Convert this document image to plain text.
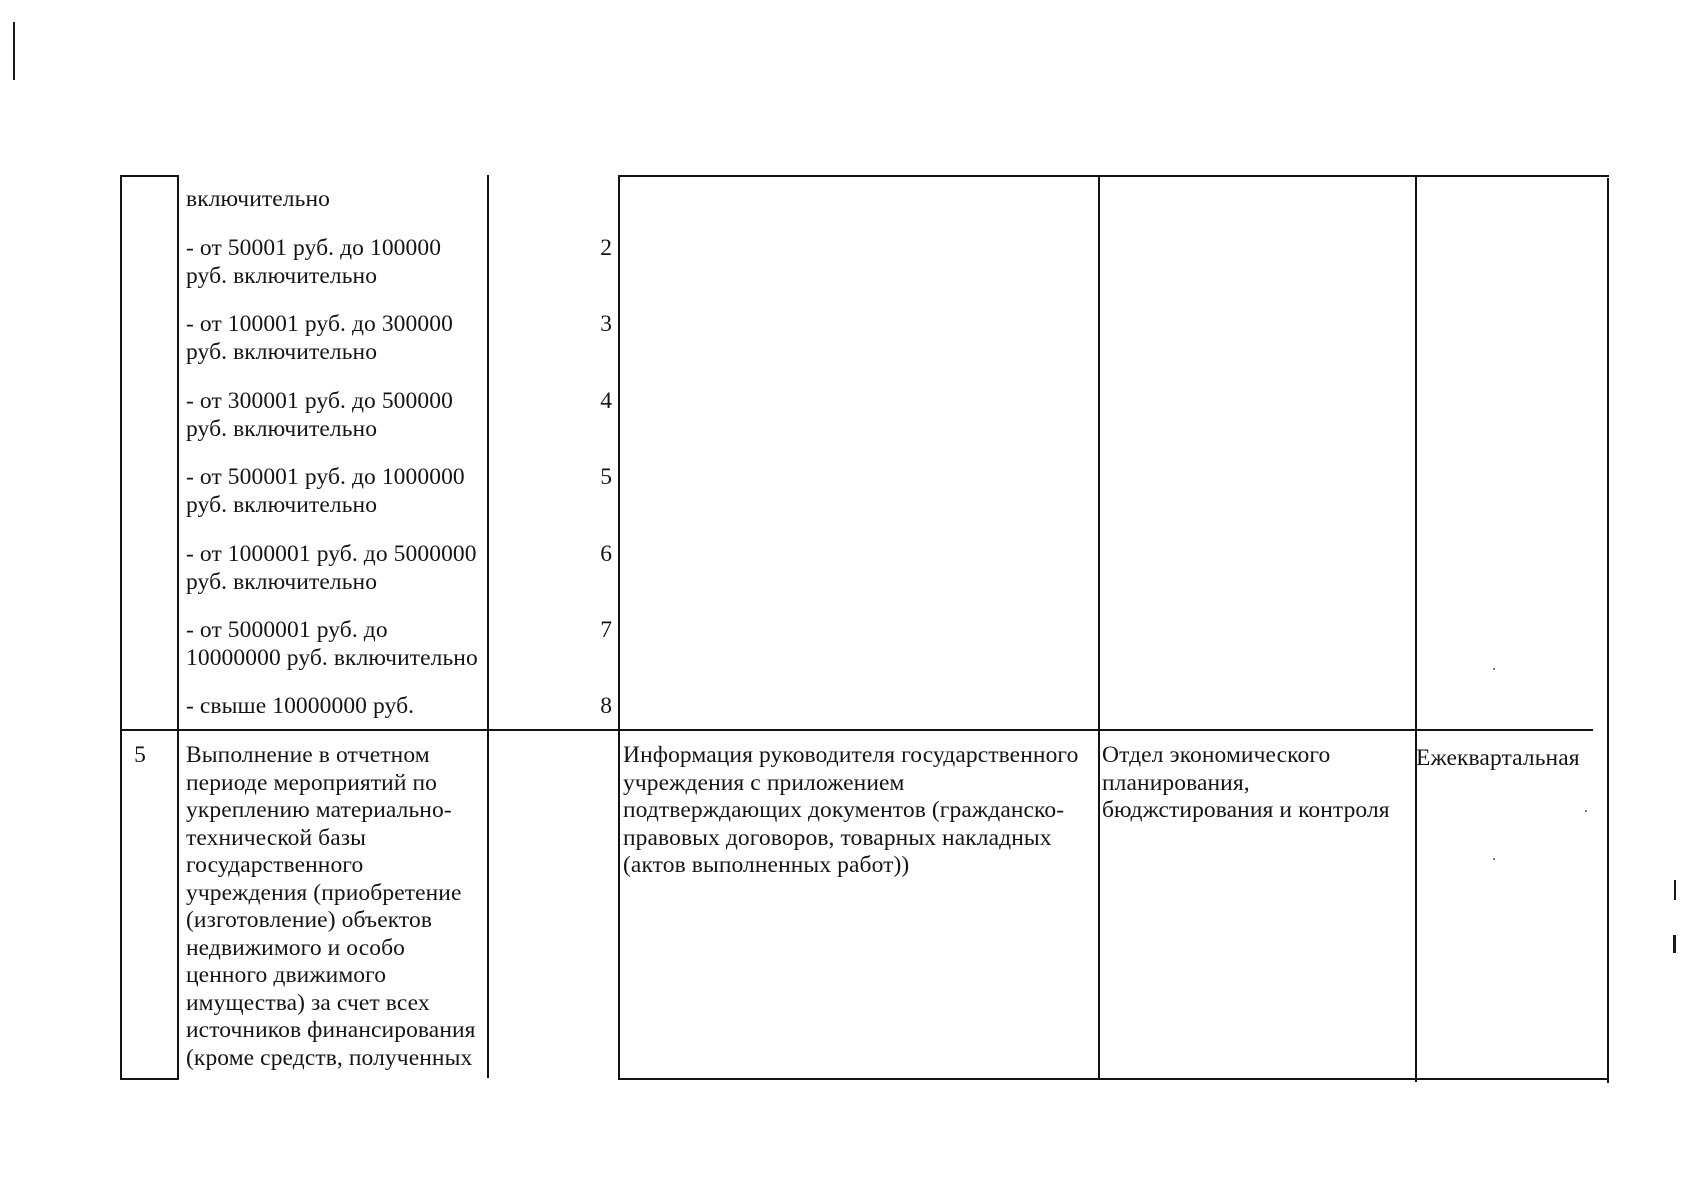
включительно
- от 50001 руб. до 100000
руб. включительно
2
- от 100001 руб. до 300000
руб. включительно
3
- от 300001 руб. до 500000
руб. включительно
4
- от 500001 руб. до 1000000
руб. включительно
5
- от 1000001 руб. до 5000000
руб. включительно
6
- от 5000001 руб. до
10000000 руб. включительно
7
- свыше 10000000 руб.	8
5	Выполнение в отчетном
периоде мероприятий по
укреплению материально-
технической базы
государственного
учреждения (приобретение
(изготовление) объектов
недвижимого и особо
ценного движимого
имущества) за счет всех
источников финансирования
(кроме средств, полученных
Информация руководителя государственного
учреждения с приложением
подтверждающих документов (гражданско-
правовых договоров, товарных накладных
(актов выполненных работ))
Отдел экономического
планирования,
бюджстирования и контроля
Ежеквартальная
